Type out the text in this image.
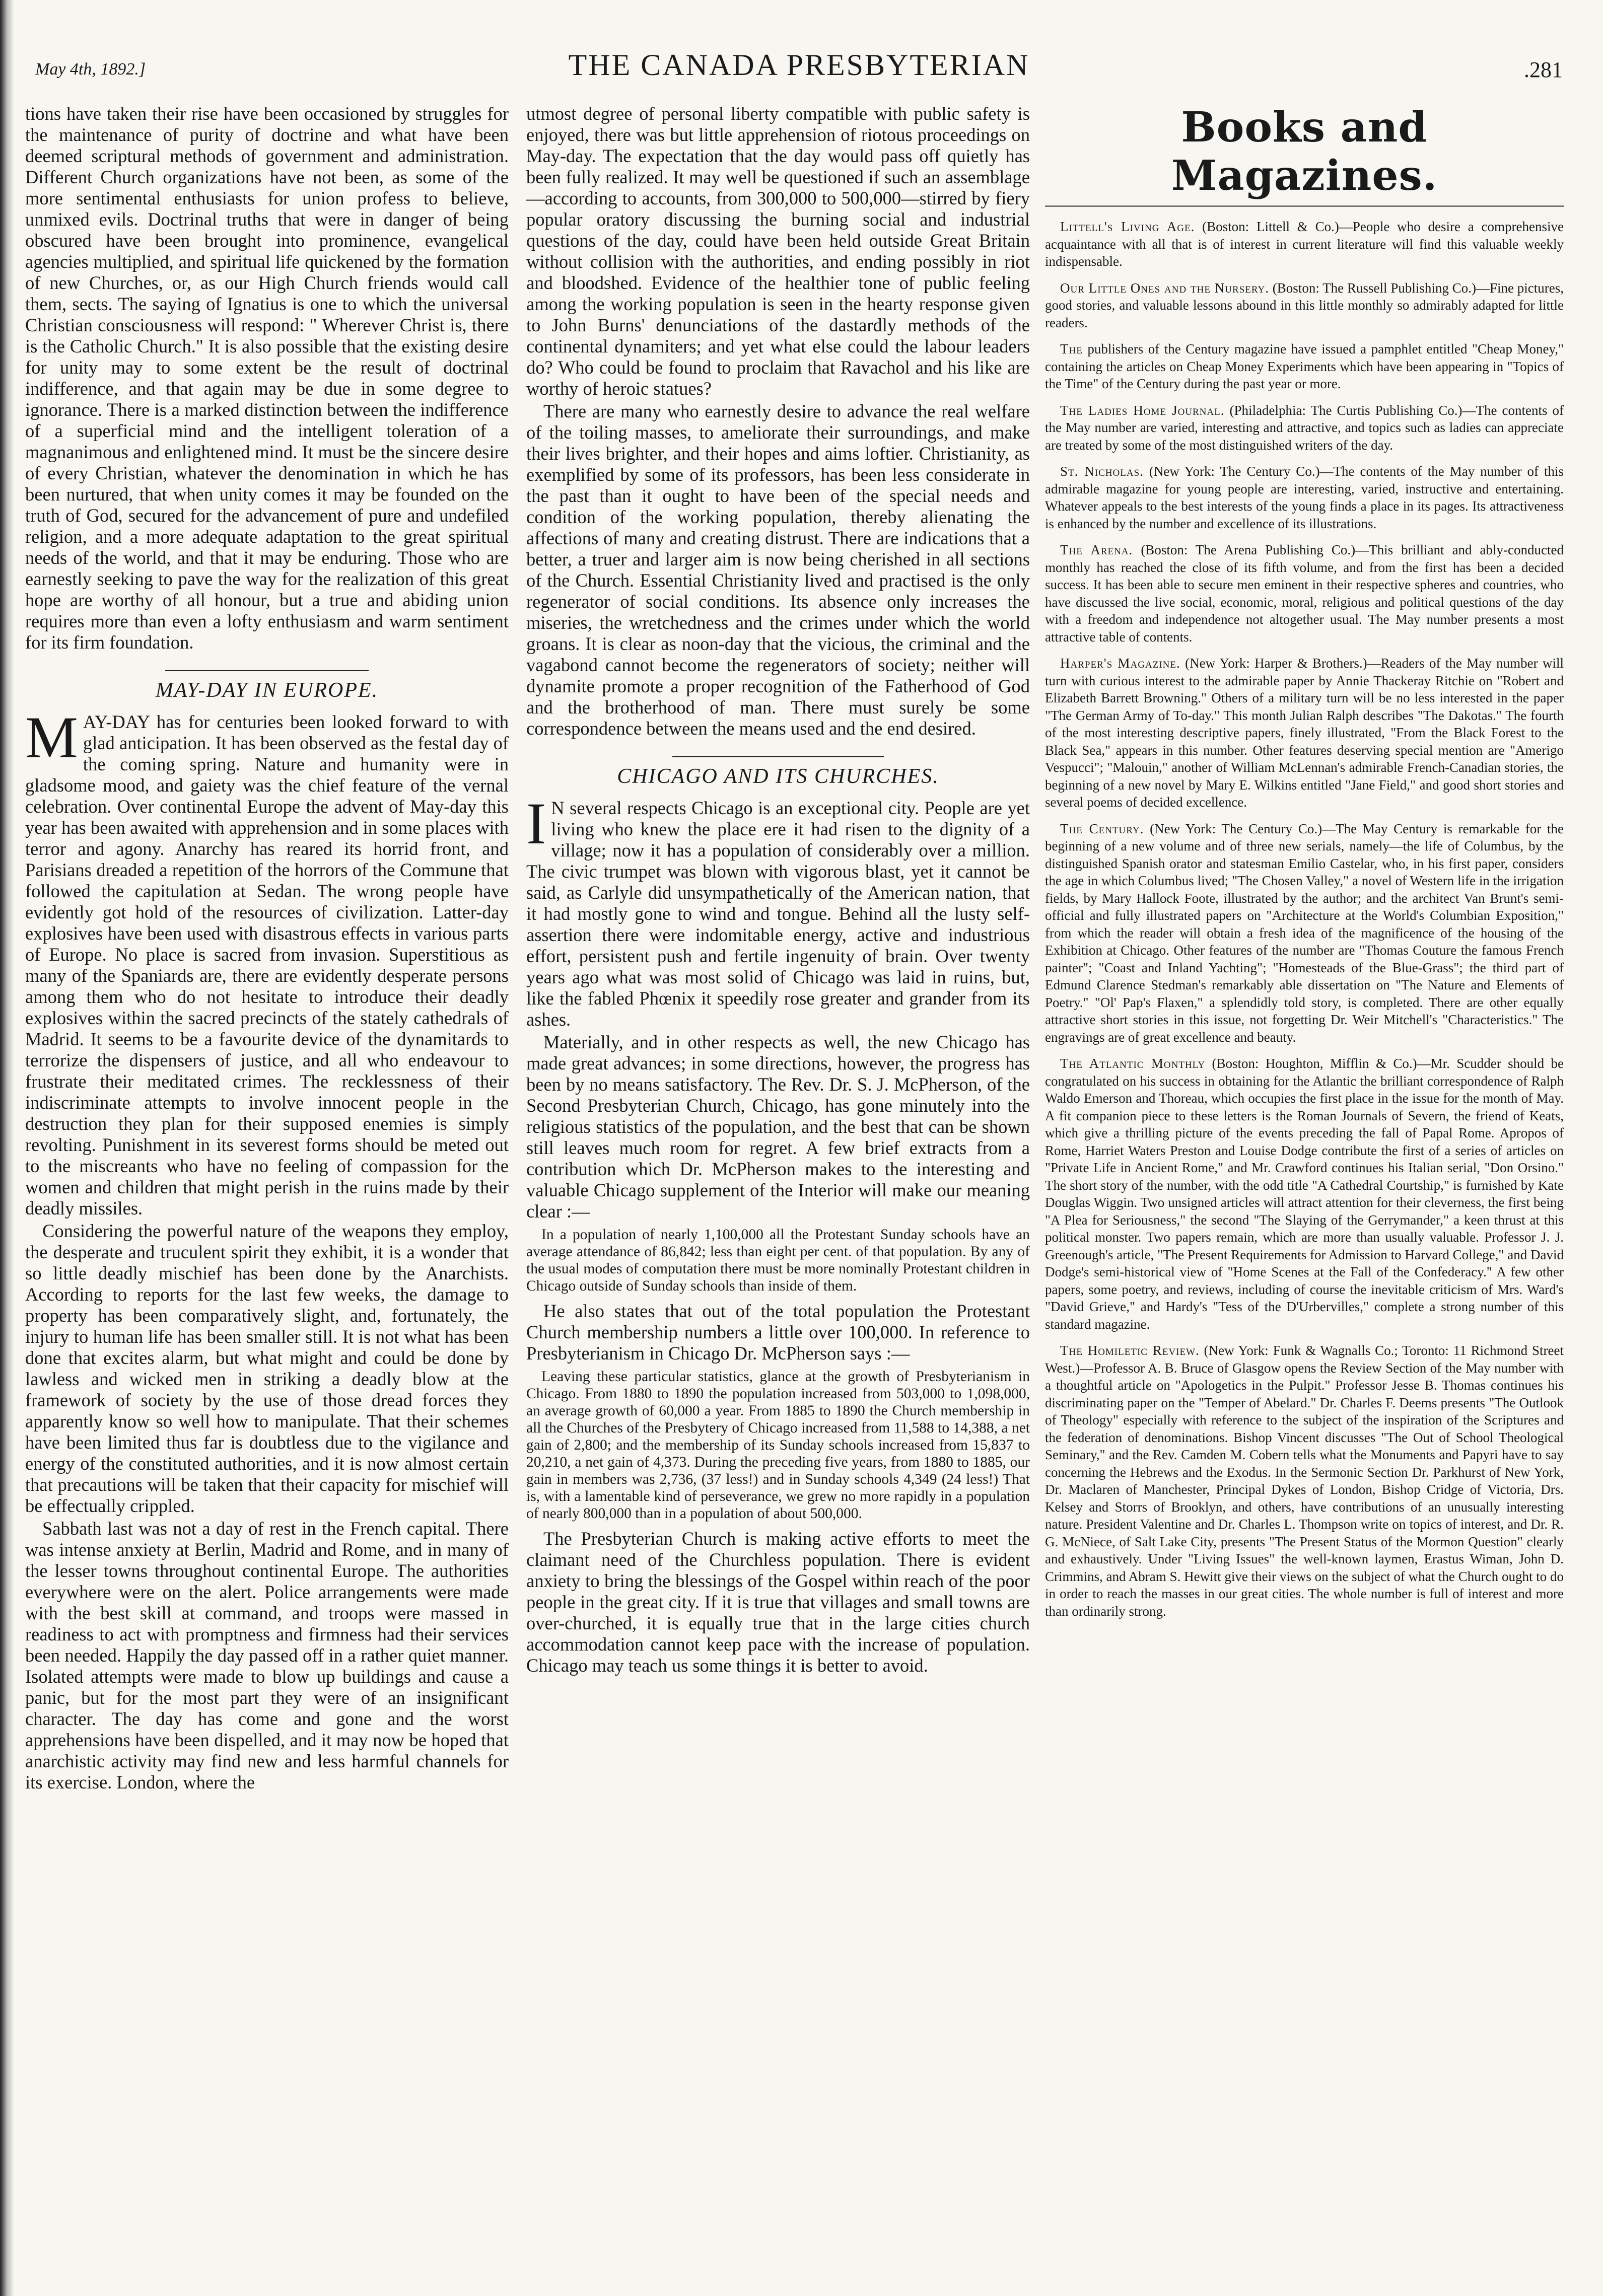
May 4th, 1892.]	THE CANADA PRESBYTERIAN	.281

tions have taken their rise have been occasioned by struggles for the maintenance of purity of doctrine and what have been deemed scriptural methods of government and administration. Different Church organizations have not been, as some of the more sentimental enthusiasts for union profess to believe, unmixed evils. Doctrinal truths that were in danger of being obscured have been brought into prominence, evangelical agencies multiplied, and spiritual life quickened by the formation of new Churches, or, as our High Church friends would call them, sects. The saying of Ignatius is one to which the universal Christian consciousness will respond: " Wherever Christ is, there is the Catholic Church." It is also possible that the existing desire for unity may to some extent be the result of doctrinal indifference, and that again may be due in some degree to ignorance. There is a marked distinction between the indifference of a superficial mind and the intelligent toleration of a magnanimous and enlightened mind. It must be the sincere desire of every Christian, whatever the denomination in which he has been nurtured, that when unity comes it may be founded on the truth of God, secured for the advancement of pure and undefiled religion, and a more adequate adaptation to the great spiritual needs of the world, and that it may be enduring. Those who are earnestly seeking to pave the way for the realization of this great hope are worthy of all honour, but a true and abiding union requires more than even a lofty enthusiasm and warm sentiment for its firm foundation.

MAY-DAY IN EUROPE.

MAY-DAY has for centuries been looked forward to with glad anticipation. It has been observed as the festal day of the coming spring. Nature and humanity were in gladsome mood, and gaiety was the chief feature of the vernal celebration. Over continental Europe the advent of May-day this year has been awaited with apprehension and in some places with terror and agony. Anarchy has reared its horrid front, and Parisians dreaded a repetition of the horrors of the Commune that followed the capitulation at Sedan. The wrong people have evidently got hold of the resources of civilization. Latter-day explosives have been used with disastrous effects in various parts of Europe. No place is sacred from invasion. Superstitious as many of the Spaniards are, there are evidently desperate persons among them who do not hesitate to introduce their deadly explosives within the sacred precincts of the stately cathedrals of Madrid. It seems to be a favourite device of the dynamitards to terrorize the dispensers of justice, and all who endeavour to frustrate their meditated crimes. The recklessness of their indiscriminate attempts to involve innocent people in the destruction they plan for their supposed enemies is simply revolting. Punishment in its severest forms should be meted out to the miscreants who have no feeling of compassion for the women and children that might perish in the ruins made by their deadly missiles.

Considering the powerful nature of the weapons they employ, the desperate and truculent spirit they exhibit, it is a wonder that so little deadly mischief has been done by the Anarchists. According to reports for the last few weeks, the damage to property has been comparatively slight, and, fortunately, the injury to human life has been smaller still. It is not what has been done that excites alarm, but what might and could be done by lawless and wicked men in striking a deadly blow at the framework of society by the use of those dread forces they apparently know so well how to manipulate. That their schemes have been limited thus far is doubtless due to the vigilance and energy of the constituted authorities, and it is now almost certain that precautions will be taken that their capacity for mischief will be effectually crippled.

Sabbath last was not a day of rest in the French capital. There was intense anxiety at Berlin, Madrid and Rome, and in many of the lesser towns throughout continental Europe. The authorities everywhere were on the alert. Police arrangements were made with the best skill at command, and troops were massed in readiness to act with promptness and firmness had their services been needed. Happily the day passed off in a rather quiet manner. Isolated attempts were made to blow up buildings and cause a panic, but for the most part they were of an insignificant character. The day has come and gone and the worst apprehensions have been dispelled, and it may now be hoped that anarchistic activity may find new and less harmful channels for its exercise. London, where the

utmost degree of personal liberty compatible with public safety is enjoyed, there was but little apprehension of riotous proceedings on May-day. The expectation that the day would pass off quietly has been fully realized. It may well be questioned if such an assemblage—according to accounts, from 300,000 to 500,000—stirred by fiery popular oratory discussing the burning social and industrial questions of the day, could have been held outside Great Britain without collision with the authorities, and ending possibly in riot and bloodshed. Evidence of the healthier tone of public feeling among the working population is seen in the hearty response given to John Burns' denunciations of the dastardly methods of the continental dynamiters; and yet what else could the labour leaders do? Who could be found to proclaim that Ravachol and his like are worthy of heroic statues?

There are many who earnestly desire to advance the real welfare of the toiling masses, to ameliorate their surroundings, and make their lives brighter, and their hopes and aims loftier. Christianity, as exemplified by some of its professors, has been less considerate in the past than it ought to have been of the special needs and condition of the working population, thereby alienating the affections of many and creating distrust. There are indications that a better, a truer and larger aim is now being cherished in all sections of the Church. Essential Christianity lived and practised is the only regenerator of social conditions. Its absence only increases the miseries, the wretchedness and the crimes under which the world groans. It is clear as noon-day that the vicious, the criminal and the vagabond cannot become the regenerators of society; neither will dynamite promote a proper recognition of the Fatherhood of God and the brotherhood of man. There must surely be some correspondence between the means used and the end desired.

CHICAGO AND ITS CHURCHES.

I N several respects Chicago is an exceptional city. People are yet living who knew the place ere it had risen to the dignity of a village; now it has a population of considerably over a million. The civic trumpet was blown with vigorous blast, yet it cannot be said, as Carlyle did unsympathetically of the American nation, that it had mostly gone to wind and tongue. Behind all the lusty self-assertion there were indomitable energy, active and industrious effort, persistent push and fertile ingenuity of brain. Over twenty years ago what was most solid of Chicago was laid in ruins, but, like the fabled Phœnix it speedily rose greater and grander from its ashes.

Materially, and in other respects as well, the new Chicago has made great advances; in some directions, however, the progress has been by no means satisfactory. The Rev. Dr. S. J. McPherson, of the Second Presbyterian Church, Chicago, has gone minutely into the religious statistics of the population, and the best that can be shown still leaves much room for regret. A few brief extracts from a contribution which Dr. McPherson makes to the interesting and valuable Chicago supplement of the Interior will make our meaning clear :—

In a population of nearly 1,100,000 all the Protestant Sunday schools have an average attendance of 86,842; less than eight per cent. of that population. By any of the usual modes of computation there must be more nominally Protestant children in Chicago outside of Sunday schools than inside of them.

He also states that out of the total population the Protestant Church membership numbers a little over 100,000. In reference to Presbyterianism in Chicago Dr. McPherson says :—

Leaving these particular statistics, glance at the growth of Presbyterianism in Chicago. From 1880 to 1890 the population increased from 503,000 to 1,098,000, an average growth of 60,000 a year. From 1885 to 1890 the Church membership in all the Churches of the Presbytery of Chicago increased from 11,588 to 14,388, a net gain of 2,800; and the membership of its Sunday schools increased from 15,837 to 20,210, a net gain of 4,373. During the preceding five years, from 1880 to 1885, our gain in members was 2,736, (37 less!) and in Sunday schools 4,349 (24 less!) That is, with a lamentable kind of perseverance, we grew no more rapidly in a population of nearly 800,000 than in a population of about 500,000.

The Presbyterian Church is making active efforts to meet the claimant need of the Churchless population. There is evident anxiety to bring the blessings of the Gospel within reach of the poor people in the great city. If it is true that villages and small towns are over-churched, it is equally true that in the large cities church accommodation cannot keep pace with the increase of population. Chicago may teach us some things it is better to avoid.

Books and Magazines.

Littell's Living Age. (Boston: Littell & Co.)—People who desire a comprehensive acquaintance with all that is of interest in current literature will find this valuable weekly indispensable.

Our Little Ones and the Nursery. (Boston: The Russell Publishing Co.)—Fine pictures, good stories, and valuable lessons abound in this little monthly so admirably adapted for little readers.

The publishers of the Century magazine have issued a pamphlet entitled "Cheap Money," containing the articles on Cheap Money Experiments which have been appearing in "Topics of the Time" of the Century during the past year or more.

The Ladies Home Journal. (Philadelphia: The Curtis Publishing Co.)—The contents of the May number are varied, interesting and attractive, and topics such as ladies can appreciate are treated by some of the most distinguished writers of the day.

St. Nicholas. (New York: The Century Co.)—The contents of the May number of this admirable magazine for young people are interesting, varied, instructive and entertaining. Whatever appeals to the best interests of the young finds a place in its pages. Its attractiveness is enhanced by the number and excellence of its illustrations.

The Arena. (Boston: The Arena Publishing Co.)—This brilliant and ably-conducted monthly has reached the close of its fifth volume, and from the first has been a decided success. It has been able to secure men eminent in their respective spheres and countries, who have discussed the live social, economic, moral, religious and political questions of the day with a freedom and independence not altogether usual. The May number presents a most attractive table of contents.

Harper's Magazine. (New York: Harper & Brothers.)—Readers of the May number will turn with curious interest to the admirable paper by Annie Thackeray Ritchie on "Robert and Elizabeth Barrett Browning." Others of a military turn will be no less interested in the paper "The German Army of To-day." This month Julian Ralph describes "The Dakotas." The fourth of the most interesting descriptive papers, finely illustrated, "From the Black Forest to the Black Sea," appears in this number. Other features deserving special mention are "Amerigo Vespucci"; "Malouin," another of William McLennan's admirable French-Canadian stories, the beginning of a new novel by Mary E. Wilkins entitled "Jane Field," and good short stories and several poems of decided excellence.

The Century. (New York: The Century Co.)—The May Century is remarkable for the beginning of a new volume and of three new serials, namely—the life of Columbus, by the distinguished Spanish orator and statesman Emilio Castelar, who, in his first paper, considers the age in which Columbus lived; "The Chosen Valley," a novel of Western life in the irrigation fields, by Mary Hallock Foote, illustrated by the author; and the architect Van Brunt's semi-official and fully illustrated papers on "Architecture at the World's Columbian Exposition," from which the reader will obtain a fresh idea of the magnificence of the housing of the Exhibition at Chicago. Other features of the number are "Thomas Couture the famous French painter"; "Coast and Inland Yachting"; "Homesteads of the Blue-Grass"; the third part of Edmund Clarence Stedman's remarkably able dissertation on "The Nature and Elements of Poetry." "Ol' Pap's Flaxen," a splendidly told story, is completed. There are other equally attractive short stories in this issue, not forgetting Dr. Weir Mitchell's "Characteristics." The engravings are of great excellence and beauty.

The Atlantic Monthly (Boston: Houghton, Mifflin & Co.)—Mr. Scudder should be congratulated on his success in obtaining for the Atlantic the brilliant correspondence of Ralph Waldo Emerson and Thoreau, which occupies the first place in the issue for the month of May. A fit companion piece to these letters is the Roman Journals of Severn, the friend of Keats, which give a thrilling picture of the events preceding the fall of Papal Rome. Apropos of Rome, Harriet Waters Preston and Louise Dodge contribute the first of a series of articles on "Private Life in Ancient Rome," and Mr. Crawford continues his Italian serial, "Don Orsino." The short story of the number, with the odd title "A Cathedral Courtship," is furnished by Kate Douglas Wiggin. Two unsigned articles will attract attention for their cleverness, the first being "A Plea for Seriousness," the second "The Slaying of the Gerrymander," a keen thrust at this political monster. Two papers remain, which are more than usually valuable. Professor J. J. Greenough's article, "The Present Requirements for Admission to Harvard College," and David Dodge's semi-historical view of "Home Scenes at the Fall of the Confederacy." A few other papers, some poetry, and reviews, including of course the inevitable criticism of Mrs. Ward's "David Grieve," and Hardy's "Tess of the D'Urbervilles," complete a strong number of this standard magazine.

The Homiletic Review. (New York: Funk & Wagnalls Co.; Toronto: 11 Richmond Street West.)—Professor A. B. Bruce of Glasgow opens the Review Section of the May number with a thoughtful article on "Apologetics in the Pulpit." Professor Jesse B. Thomas continues his discriminating paper on the "Temper of Abelard." Dr. Charles F. Deems presents "The Outlook of Theology" especially with reference to the subject of the inspiration of the Scriptures and the federation of denominations. Bishop Vincent discusses "The Out of School Theological Seminary," and the Rev. Camden M. Cobern tells what the Monuments and Papyri have to say concerning the Hebrews and the Exodus. In the Sermonic Section Dr. Parkhurst of New York, Dr. Maclaren of Manchester, Principal Dykes of London, Bishop Cridge of Victoria, Drs. Kelsey and Storrs of Brooklyn, and others, have contributions of an unusually interesting nature. President Valentine and Dr. Charles L. Thompson write on topics of interest, and Dr. R. G. McNiece, of Salt Lake City, presents "The Present Status of the Mormon Question" clearly and exhaustively. Under "Living Issues" the well-known laymen, Erastus Wiman, John D. Crimmins, and Abram S. Hewitt give their views on the subject of what the Church ought to do in order to reach the masses in our great cities. The whole number is full of interest and more than ordinarily strong.
